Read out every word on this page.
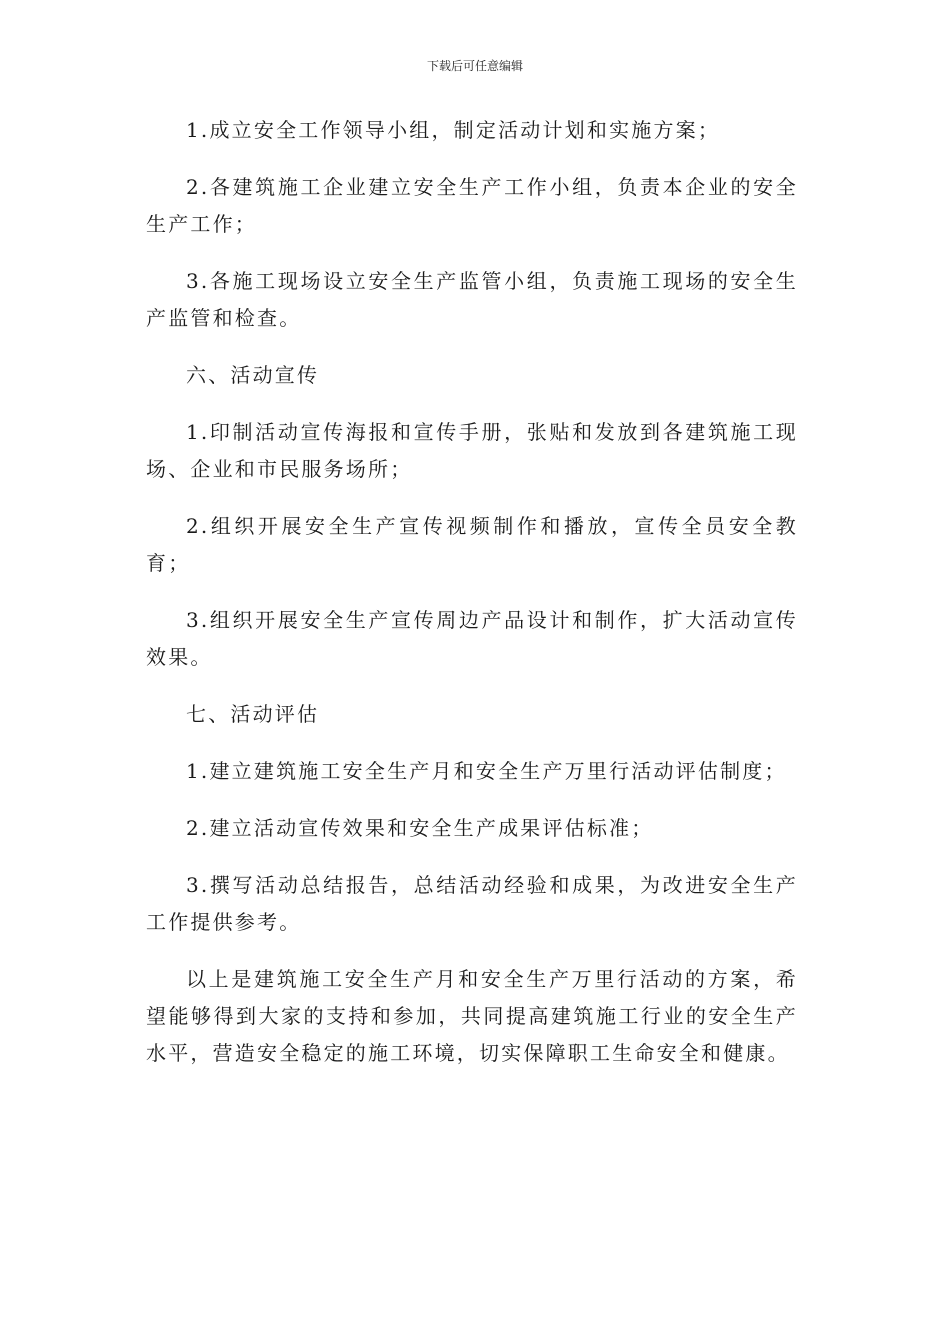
下载后可任意编辑

1.成立安全工作领导小组，制定活动计划和实施方案；

2.各建筑施工企业建立安全生产工作小组，负责本企业的安全生产工作；

3.各施工现场设立安全生产监管小组，负责施工现场的安全生产监管和检查。

六、活动宣传

1.印制活动宣传海报和宣传手册，张贴和发放到各建筑施工现场、企业和市民服务场所；

2.组织开展安全生产宣传视频制作和播放，宣传全员安全教育；

3.组织开展安全生产宣传周边产品设计和制作，扩大活动宣传效果。

七、活动评估

1.建立建筑施工安全生产月和安全生产万里行活动评估制度；

2.建立活动宣传效果和安全生产成果评估标准；

3.撰写活动总结报告，总结活动经验和成果，为改进安全生产工作提供参考。

以上是建筑施工安全生产月和安全生产万里行活动的方案，希望能够得到大家的支持和参加，共同提高建筑施工行业的安全生产水平，营造安全稳定的施工环境，切实保障职工生命安全和健康。
